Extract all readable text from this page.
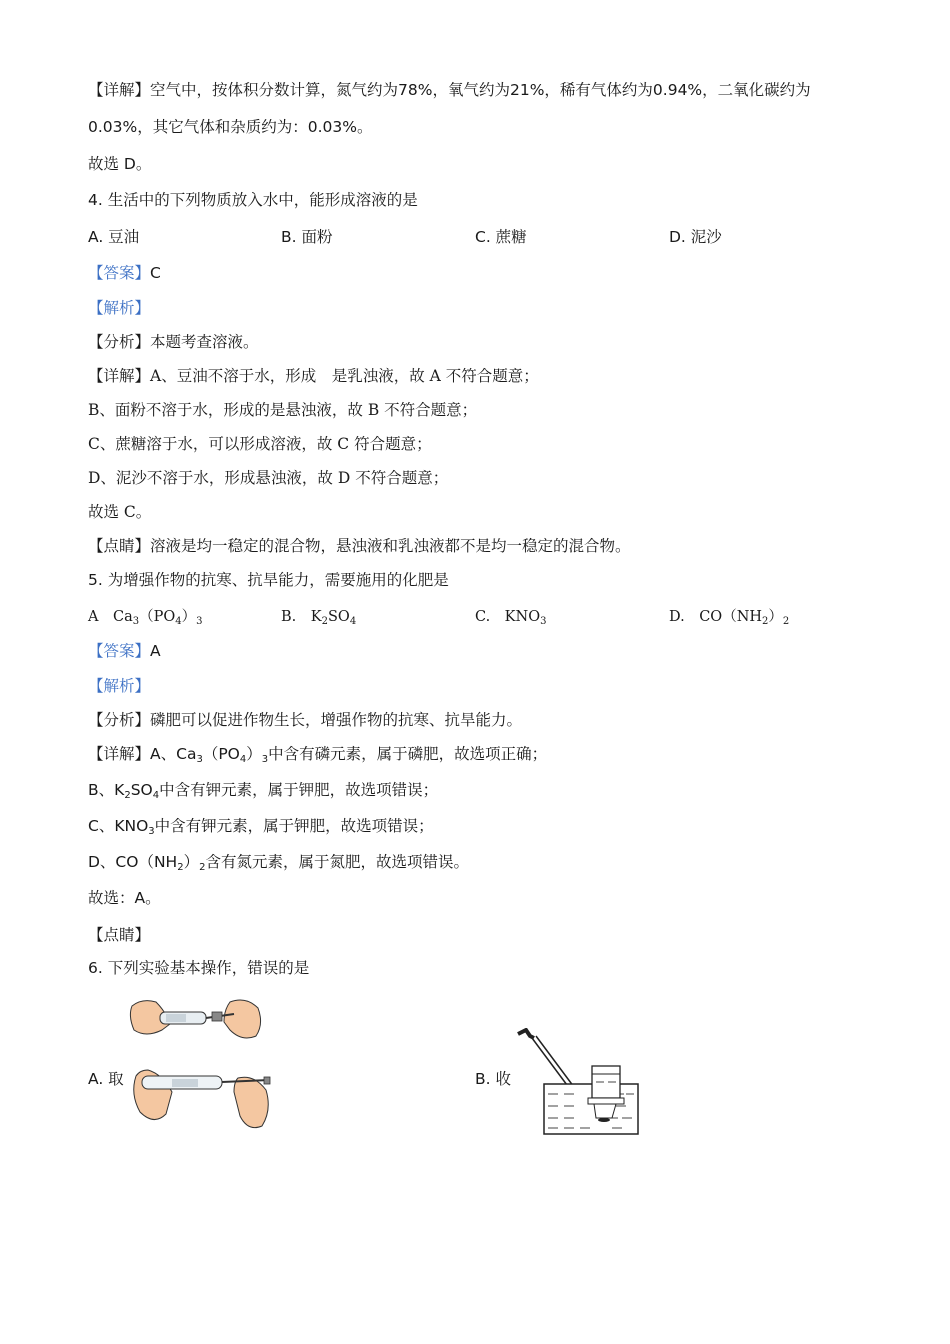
【详解】空气中，按体积分数计算，氮气约为78%，氧气约为21%，稀有气体约为0.94%，二氧化碳约为
0.03%，其它气体和杂质约为：0.03%。
故选 D。
4. 生活中的下列物质放入水中，能形成溶液的是
A. 豆油	B. 面粉	C. 蔗糖	D. 泥沙
【答案】C
【解析】
【分析】本题考查溶液。
【详解】A、豆油不溶于水，形成　是乳浊液，故 A 不符合题意；
B、面粉不溶于水，形成的是悬浊液，故 B 不符合题意；
C、蔗糖溶于水，可以形成溶液，故 C 符合题意；
D、泥沙不溶于水，形成悬浊液，故 D 不符合题意；
故选 C。
【点睛】溶液是均一稳定的混合物，悬浊液和乳浊液都不是均一稳定的混合物。
5. 为增强作物的抗寒、抗旱能力，需要施用的化肥是
A　$Ca_3(PO_4)_3$	B.　$K_2SO_4$	C.　$KNO_3$	D.　$CO(NH_2)_2$
【答案】A
【解析】
【分析】磷肥可以促进作物生长，增强作物的抗寒、抗旱能力。
【详解】A、$Ca_3(PO_4)_3$中含有磷元素，属于磷肥，故选项正确；
B、$K_2SO_4$中含有钾元素，属于钾肥，故选项错误；
C、$KNO_3$中含有钾元素，属于钾肥，故选项错误；
D、$CO(NH_2)_2$含有氮元素，属于氮肥，故选项错误。
故选：A。
【点睛】
6. 下列实验基本操作，错误的是
A. 取	B. 收
